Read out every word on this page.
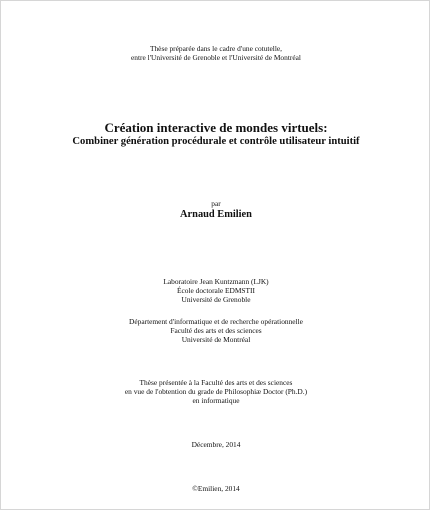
Thèse préparée dans le cadre d'une cotutelle,
entre l'Université de Grenoble et l'Université de Montréal
Création interactive de mondes virtuels:
Combiner génération procédurale et contrôle utilisateur intuitif
par
Arnaud Emilien
Laboratoire Jean Kuntzmann (LJK)
École doctorale EDMSTII
Université de Grenoble
Département d'informatique et de recherche opérationnelle
Faculté des arts et des sciences
Université de Montréal
Thèse présentée à la Faculté des arts et des sciences
en vue de l'obtention du grade de Philosophiæ Doctor (Ph.D.)
en informatique
Décembre, 2014
©Emilien, 2014
